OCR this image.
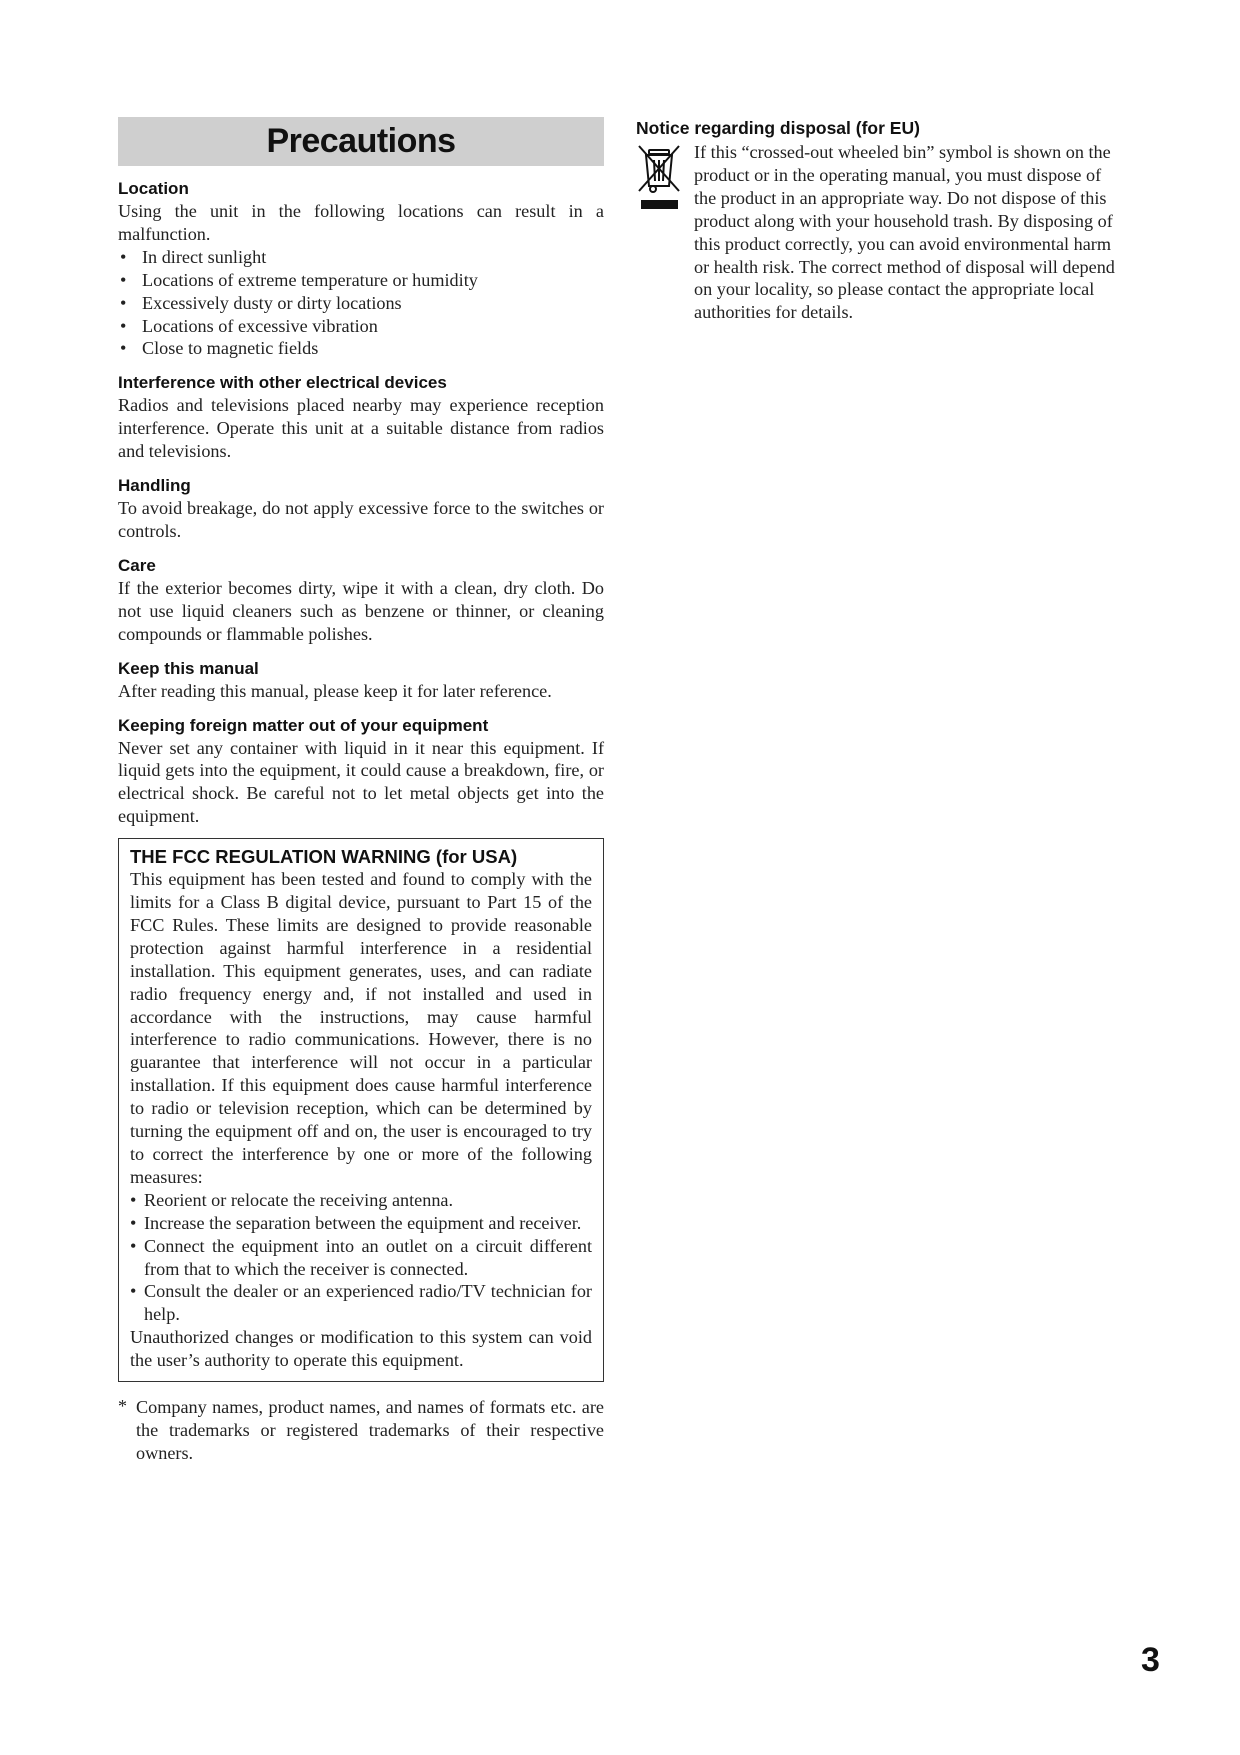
Precautions
Location

Using the unit in the following locations can result in a malfunction.

• In direct sunlight
• Locations of extreme temperature or humidity
• Excessively dusty or dirty locations
• Locations of excessive vibration
• Close to magnetic fields
Interference with other electrical devices

Radios and televisions placed nearby may experience reception interference. Operate this unit at a suitable distance from radios and televisions.

Handling

To avoid breakage, do not apply excessive force to the switches or controls.

Care

If the exterior becomes dirty, wipe it with a clean, dry cloth. Do not use liquid cleaners such as benzene or thinner, or cleaning compounds or flammable polishes.

Keep this manual

After reading this manual, please keep it for later reference.

Keeping foreign matter out of your equipment

Never set any container with liquid in it near this equipment. If liquid gets into the equipment, it could cause a breakdown, fire, or electrical shock. Be careful not to let metal objects get into the equipment.

THE FCC REGULATION WARNING (for USA)

This equipment has been tested and found to comply with the limits for a Class B digital device, pursuant to Part 15 of the FCC Rules. These limits are designed to provide reasonable protection against harmful interference in a residential installation. This equipment generates, uses, and can radiate radio frequency energy and, if not installed and used in accordance with the instructions, may cause harmful interference to radio communications. However, there is no guarantee that interference will not occur in a particular installation. If this equipment does cause harmful interference to radio or television reception, which can be determined by turning the equipment off and on, the user is encouraged to try to correct the interference by one or more of the following measures:

• Reorient or relocate the receiving antenna.
• Increase the separation between the equipment and receiver.
• Connect the equipment into an outlet on a circuit different from that to which the receiver is connected.
• Consult the dealer or an experienced radio/TV technician for help.

Unauthorized changes or modification to this system can void the user’s authority to operate this equipment.

* Company names, product names, and names of formats etc. are the trademarks or registered trademarks of their respective owners.

Notice regarding disposal (for EU)

If this “crossed-out wheeled bin” symbol is shown on the product or in the operating manual, you must dispose of the product in an appropriate way. Do not dispose of this product along with your household trash. By disposing of this product correctly, you can avoid environmental harm or health risk. The correct method of disposal will depend on your locality, so please contact the appropriate local authorities for details.

3
